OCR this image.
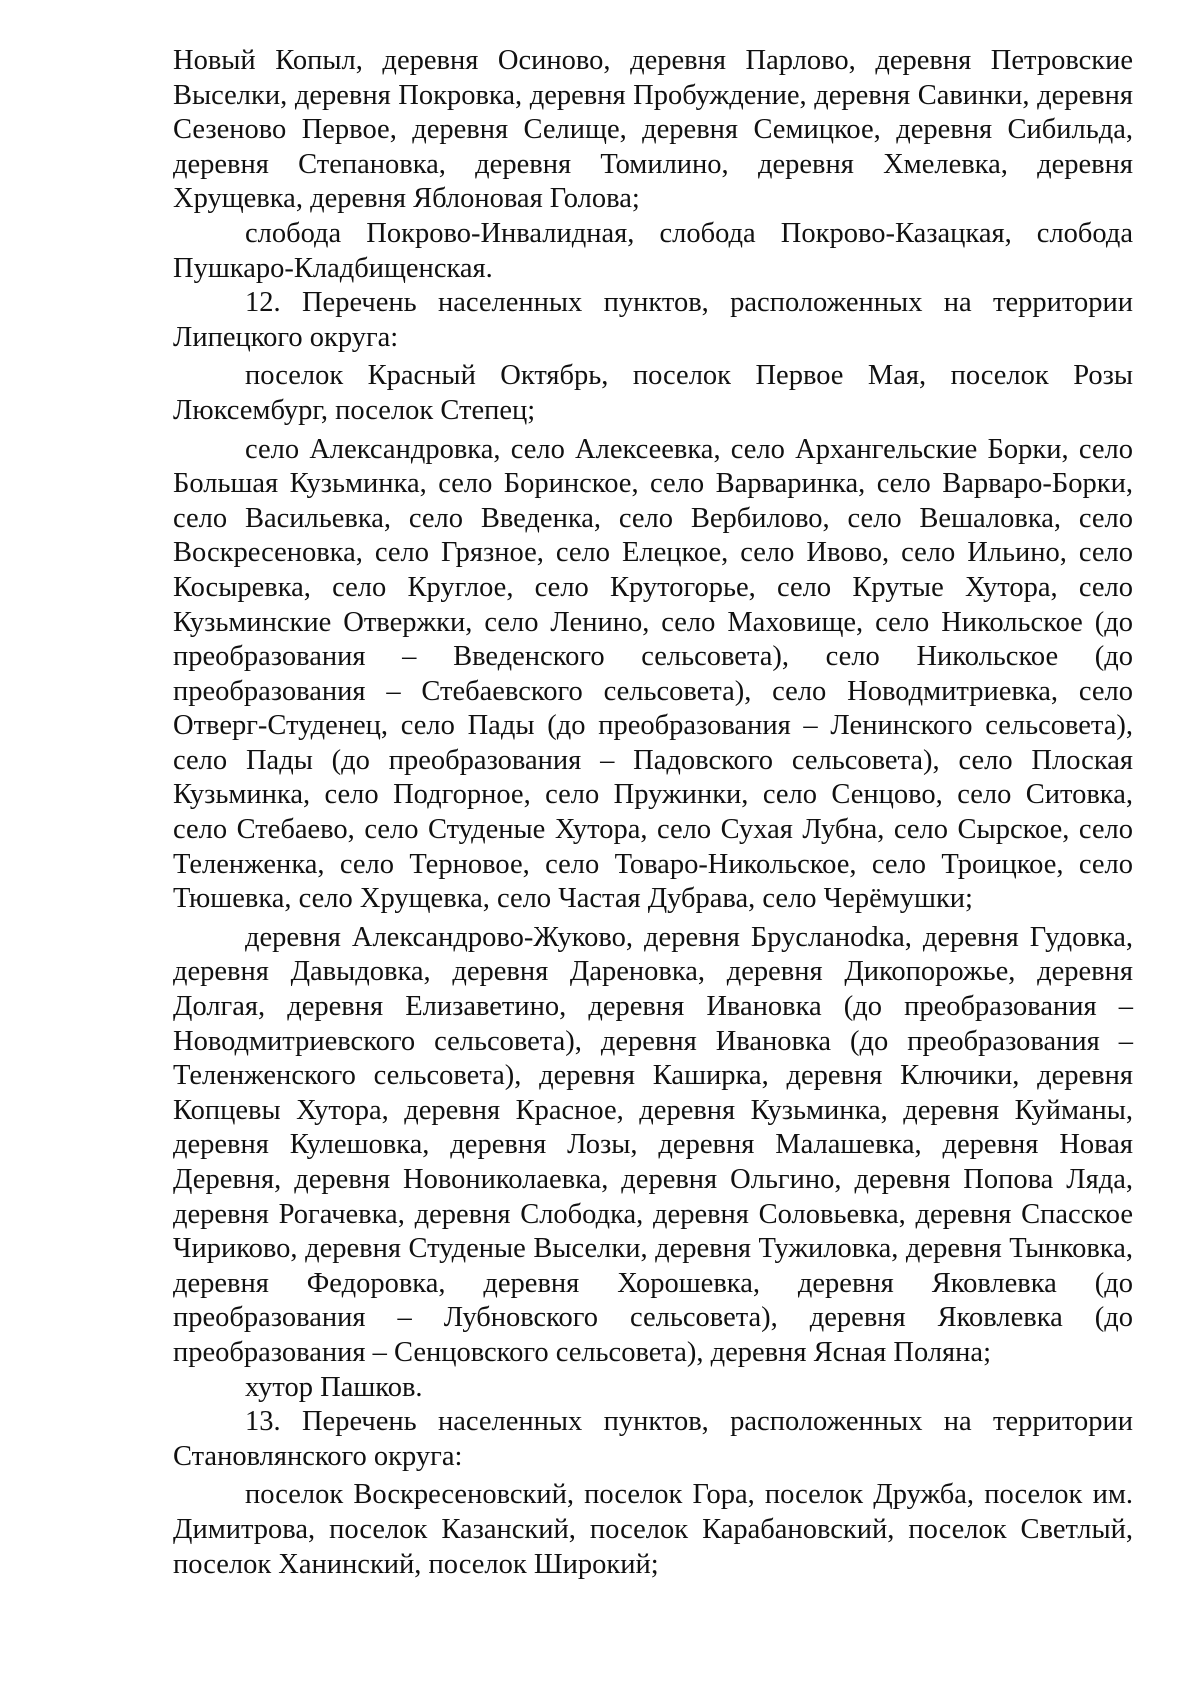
Новый Копыл, деревня Осиново, деревня Парлово, деревня Петровские Выселки, деревня Покровка, деревня Пробуждение, деревня Савинки, деревня Сезеново Первое, деревня Селище, деревня Семицкое, деревня Сибильда, деревня Степановка, деревня Томилино, деревня Хмелевка, деревня Хрущевка, деревня Яблоновая Голова;

слобода Покрово-Инвалидная, слобода Покрово-Казацкая, слобода Пушкаро-Кладбищенская.

12. Перечень населенных пунктов, расположенных на территории Липецкого округа:

поселок Красный Октябрь, поселок Первое Мая, поселок Розы Люксембург, поселок Степец;

село Александровка, село Алексеевка, село Архангельские Борки, село Большая Кузьминка, село Боринское, село Варваринка, село Варваро-Борки, село Васильевка, село Введенка, село Вербилово, село Вешаловка, село Воскресеновка, село Грязное, село Елецкое, село Ивово, село Ильино, село Косыревка, село Круглое, село Крутогорье, село Крутые Хутора, село Кузьминские Отвержки, село Ленино, село Маховище, село Никольское (до преобразования – Введенского сельсовета), село Никольское (до преобразования – Стебаевского сельсовета), село Новодмитриевка, село Отверг-Студенец, село Пады (до преобразования – Ленинского сельсовета), село Пады (до преобразования – Падовского сельсовета), село Плоская Кузьминка, село Подгорное, село Пружинки, село Сенцово, село Ситовка, село Стебаево, село Студеные Хутора, село Сухая Лубна, село Сырское, село Теленженка, село Терновое, село Товаро-Никольское, село Троицкое, село Тюшевка, село Хрущевка, село Частая Дубрава, село Черёмушки;

деревня Александрово-Жуково, деревня Брусланоdка, деревня Гудовка, деревня Давыдовка, деревня Дареновка, деревня Дикопорожье, деревня Долгая, деревня Елизаветино, деревня Ивановка (до преобразования – Новодмитриевского сельсовета), деревня Ивановка (до преобразования – Теленженского сельсовета), деревня Каширка, деревня Ключики, деревня Копцевы Хутора, деревня Красное, деревня Кузьминка, деревня Куйманы, деревня Кулешовка, деревня Лозы, деревня Малашевка, деревня Новая Деревня, деревня Новониколаевка, деревня Ольгино, деревня Попова Ляда, деревня Рогачевка, деревня Слободка, деревня Соловьевка, деревня Спасское Чириково, деревня Студеные Выселки, деревня Тужиловка, деревня Тынковка, деревня Федоровка, деревня Хорошевка, деревня Яковлевка (до преобразования – Лубновского сельсовета), деревня Яковлевка (до преобразования – Сенцовского сельсовета), деревня Ясная Поляна;

хутор Пашков.

13. Перечень населенных пунктов, расположенных на территории Становлянского округа:

поселок Воскресеновский, поселок Гора, поселок Дружба, поселок им. Димитрова, поселок Казанский, поселок Карабановский, поселок Светлый, поселок Ханинский, поселок Широкий;
